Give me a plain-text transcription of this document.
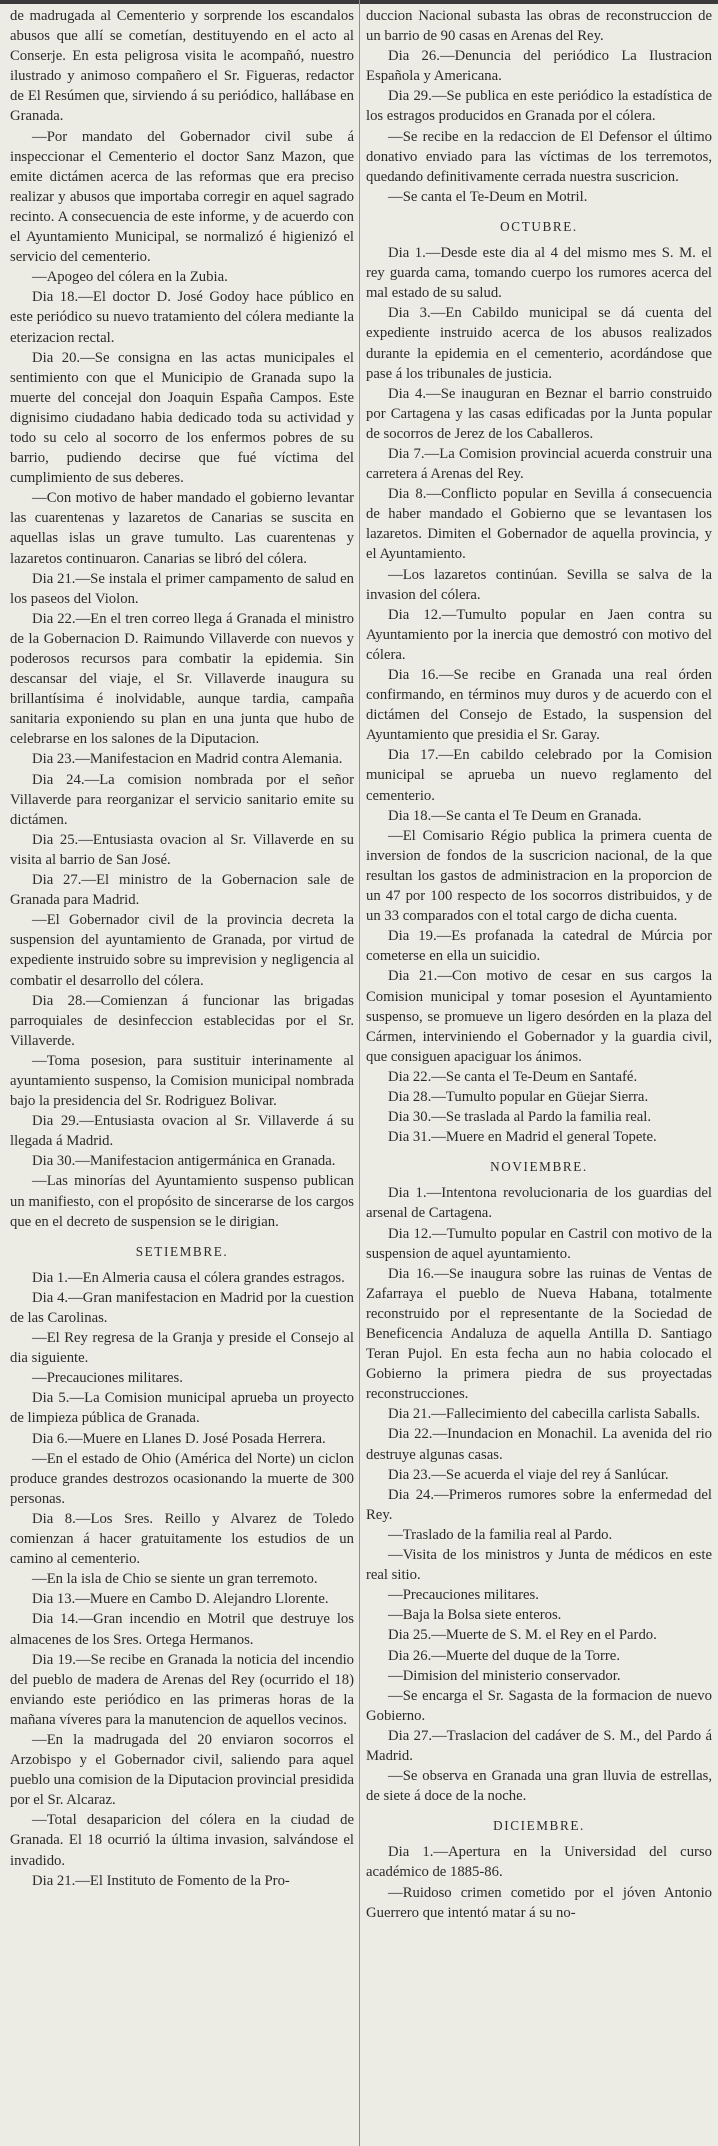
de madrugada al Cementerio y sorprende los escandalos abusos que allí se cometían, destituyendo en el acto al Conserje. En esta peligrosa visita le acompañó, nuestro ilustrado y animoso compañero el Sr. Figueras, redactor de El Resúmen que, sirviendo á su periódico, hallábase en Granada.

—Por mandato del Gobernador civil sube á inspeccionar el Cementerio el doctor Sanz Mazon, que emite dictámen acerca de las reformas que era preciso realizar y abusos que importaba corregir en aquel sagrado recinto. A consecuencia de este informe, y de acuerdo con el Ayuntamiento Municipal, se normalizó é higienizó el servicio del cementerio.

—Apogeo del cólera en la Zubia.

Dia 18.—El doctor D. José Godoy hace público en este periódico su nuevo tratamiento del cólera mediante la eterizacion rectal.

Dia 20.—Se consigna en las actas municipales el sentimiento con que el Municipio de Granada supo la muerte del concejal don Joaquin España Campos. Este dignisimo ciudadano habia dedicado toda su actividad y todo su celo al socorro de los enfermos pobres de su barrio, pudiendo decirse que fué víctima del cumplimiento de sus deberes.

—Con motivo de haber mandado el gobierno levantar las cuarentenas y lazaretos de Canarias se suscita en aquellas islas un grave tumulto. Las cuarentenas y lazaretos continuaron. Canarias se libró del cólera.

Dia 21.—Se instala el primer campamento de salud en los paseos del Violon.

Dia 22.—En el tren correo llega á Granada el ministro de la Gobernacion D. Raimundo Villaverde con nuevos y poderosos recursos para combatir la epidemia. Sin descansar del viaje, el Sr. Villaverde inaugura su brillantísima é inolvidable, aunque tardia, campaña sanitaria exponiendo su plan en una junta que hubo de celebrarse en los salones de la Diputacion.

Dia 23.—Manifestacion en Madrid contra Alemania.

Dia 24.—La comision nombrada por el señor Villaverde para reorganizar el servicio sanitario emite su dictámen.

Dia 25.—Entusiasta ovacion al Sr. Villaverde en su visita al barrio de San José.

Dia 27.—El ministro de la Gobernacion sale de Granada para Madrid.

—El Gobernador civil de la provincia decreta la suspension del ayuntamiento de Granada, por virtud de expediente instruido sobre su imprevision y negligencia al combatir el desarrollo del cólera.

Dia 28.—Comienzan á funcionar las brigadas parroquiales de desinfeccion establecidas por el Sr. Villaverde.

—Toma posesion, para sustituir interinamente al ayuntamiento suspenso, la Comision municipal nombrada bajo la presidencia del Sr. Rodriguez Bolivar.

Dia 29.—Entusiasta ovacion al Sr. Villaverde á su llegada á Madrid.

Dia 30.—Manifestacion antigermánica en Granada.

—Las minorías del Ayuntamiento suspenso publican un manifiesto, con el propósito de sincerarse de los cargos que en el decreto de suspension se le dirigian.

SETIEMBRE.

Dia 1.—En Almeria causa el cólera grandes estragos.

Dia 4.—Gran manifestacion en Madrid por la cuestion de las Carolinas.

—El Rey regresa de la Granja y preside el Consejo al dia siguiente.

—Precauciones militares.

Dia 5.—La Comision municipal aprueba un proyecto de limpieza pública de Granada.

Dia 6.—Muere en Llanes D. José Posada Herrera.

—En el estado de Ohio (América del Norte) un ciclon produce grandes destrozos ocasionando la muerte de 300 personas.

Dia 8.—Los Sres. Reillo y Alvarez de Toledo comienzan á hacer gratuitamente los estudios de un camino al cementerio.

—En la isla de Chio se siente un gran terremoto.

Dia 13.—Muere en Cambo D. Alejandro Llorente.

Dia 14.—Gran incendio en Motril que destruye los almacenes de los Sres. Ortega Hermanos.

Dia 19.—Se recibe en Granada la noticia del incendio del pueblo de madera de Arenas del Rey (ocurrido el 18) enviando este periódico en las primeras horas de la mañana víveres para la manutencion de aquellos vecinos.

—En la madrugada del 20 enviaron socorros el Arzobispo y el Gobernador civil, saliendo para aquel pueblo una comision de la Diputacion provincial presidida por el Sr. Alcaraz.

—Total desaparicion del cólera en la ciudad de Granada. El 18 ocurrió la última invasion, salvándose el invadido.

Dia 21.—El Instituto de Fomento de la Pro-

duccion Nacional subasta las obras de reconstruccion de un barrio de 90 casas en Arenas del Rey.

Dia 26.—Denuncia del periódico La Ilustracion Española y Americana.

Dia 29.—Se publica en este periódico la estadística de los estragos producidos en Granada por el cólera.

—Se recibe en la redaccion de El Defensor el último donativo enviado para las víctimas de los terremotos, quedando definitivamente cerrada nuestra suscricion.

—Se canta el Te-Deum en Motril.

OCTUBRE.

Dia 1.—Desde este dia al 4 del mismo mes S. M. el rey guarda cama, tomando cuerpo los rumores acerca del mal estado de su salud.

Dia 3.—En Cabildo municipal se dá cuenta del expediente instruido acerca de los abusos realizados durante la epidemia en el cementerio, acordándose que pase á los tribunales de justicia.

Dia 4.—Se inauguran en Beznar el barrio construido por Cartagena y las casas edificadas por la Junta popular de socorros de Jerez de los Caballeros.

Dia 7.—La Comision provincial acuerda construir una carretera á Arenas del Rey.

Dia 8.—Conflicto popular en Sevilla á consecuencia de haber mandado el Gobierno que se levantasen los lazaretos. Dimiten el Gobernador de aquella provincia, y el Ayuntamiento.

—Los lazaretos continúan. Sevilla se salva de la invasion del cólera.

Dia 12.—Tumulto popular en Jaen contra su Ayuntamiento por la inercia que demostró con motivo del cólera.

Dia 16.—Se recibe en Granada una real órden confirmando, en términos muy duros y de acuerdo con el dictámen del Consejo de Estado, la suspension del Ayuntamiento que presidia el Sr. Garay.

Dia 17.—En cabildo celebrado por la Comision municipal se aprueba un nuevo reglamento del cementerio.

Dia 18.—Se canta el Te Deum en Granada.

—El Comisario Régio publica la primera cuenta de inversion de fondos de la suscricion nacional, de la que resultan los gastos de administracion en la proporcion de un 47 por 100 respecto de los socorros distribuidos, y de un 33 comparados con el total cargo de dicha cuenta.

Dia 19.—Es profanada la catedral de Múrcia por cometerse en ella un suicidio.

Dia 21.—Con motivo de cesar en sus cargos la Comision municipal y tomar posesion el Ayuntamiento suspenso, se promueve un ligero desórden en la plaza del Cármen, interviniendo el Gobernador y la guardia civil, que consiguen apaciguar los ánimos.

Dia 22.—Se canta el Te-Deum en Santafé.

Dia 28.—Tumulto popular en Güejar Sierra.

Dia 30.—Se traslada al Pardo la familia real.

Dia 31.—Muere en Madrid el general Topete.

NOVIEMBRE.

Dia 1.—Intentona revolucionaria de los guardias del arsenal de Cartagena.

Dia 12.—Tumulto popular en Castril con motivo de la suspension de aquel ayuntamiento.

Dia 16.—Se inaugura sobre las ruinas de Ventas de Zafarraya el pueblo de Nueva Habana, totalmente reconstruido por el representante de la Sociedad de Beneficencia Andaluza de aquella Antilla D. Santiago Teran Pujol. En esta fecha aun no habia colocado el Gobierno la primera piedra de sus proyectadas reconstrucciones.

Dia 21.—Fallecimiento del cabecilla carlista Saballs.

Dia 22.—Inundacion en Monachil. La avenida del rio destruye algunas casas.

Dia 23.—Se acuerda el viaje del rey á Sanlúcar.

Dia 24.—Primeros rumores sobre la enfermedad del Rey.

—Traslado de la familia real al Pardo.

—Visita de los ministros y Junta de médicos en este real sitio.

—Precauciones militares.

—Baja la Bolsa siete enteros.

Dia 25.—Muerte de S. M. el Rey en el Pardo.

Dia 26.—Muerte del duque de la Torre.

—Dimision del ministerio conservador.

—Se encarga el Sr. Sagasta de la formacion de nuevo Gobierno.

Dia 27.—Traslacion del cadáver de S. M., del Pardo á Madrid.

—Se observa en Granada una gran lluvia de estrellas, de siete á doce de la noche.

DICIEMBRE.

Dia 1.—Apertura en la Universidad del curso académico de 1885-86.

—Ruidoso crimen cometido por el jóven Antonio Guerrero que intentó matar á su no-
